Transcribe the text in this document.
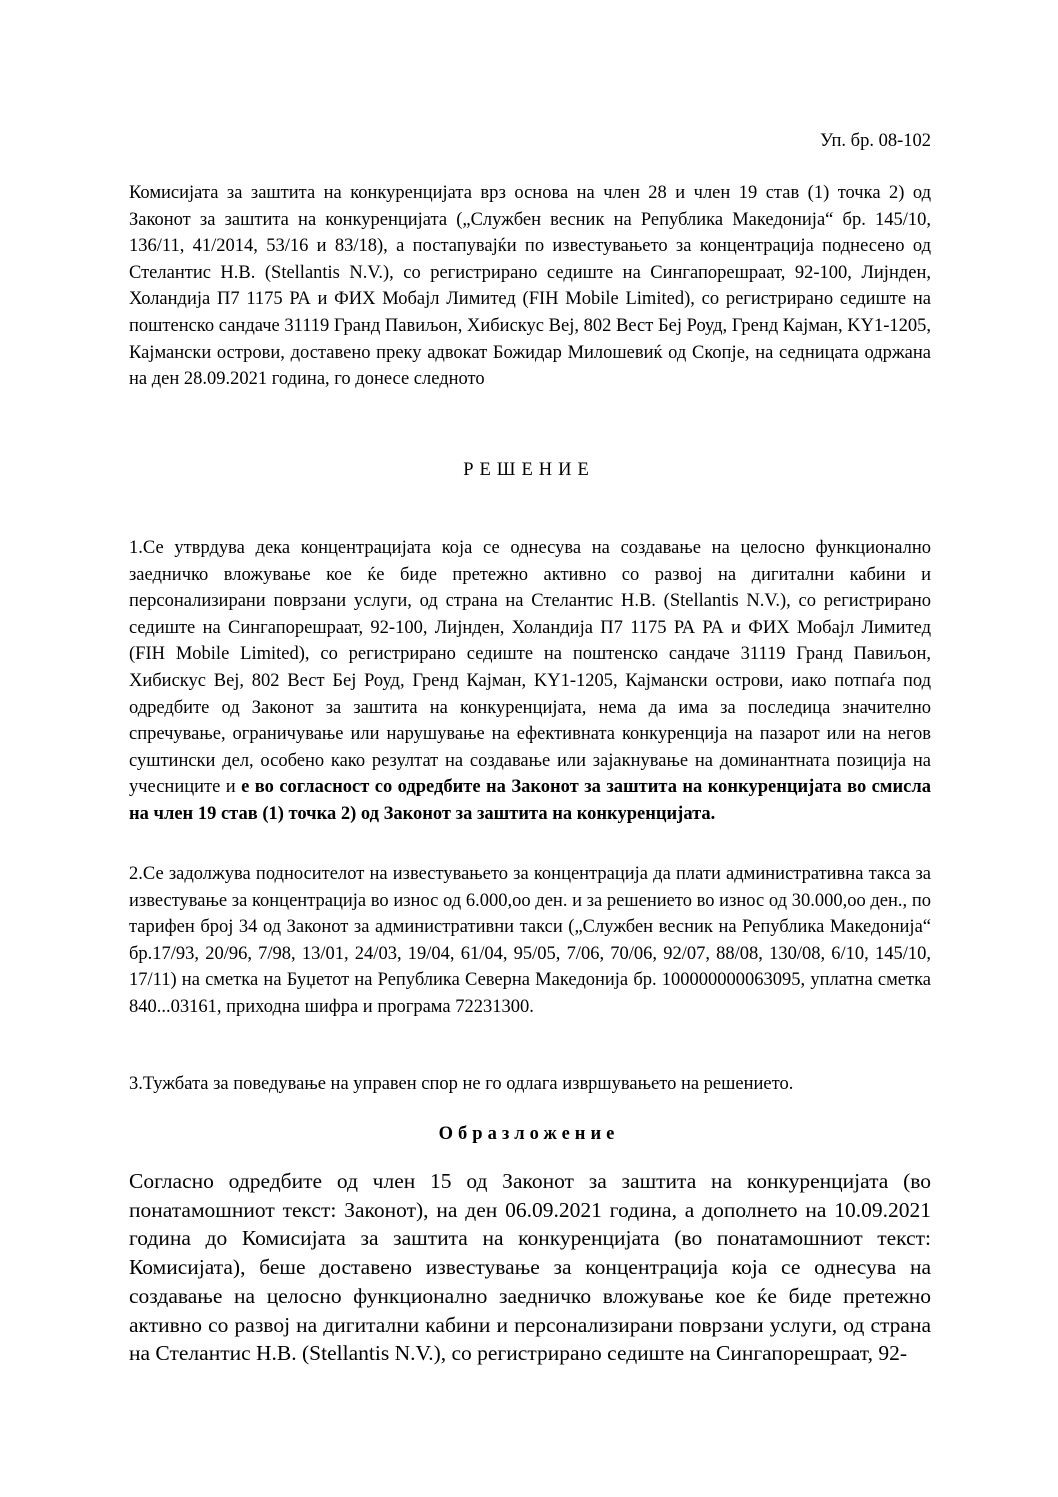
Уп. бр. 08-102

Комисијата за заштита на конкуренцијата врз основа на член 28 и член 19 став (1) точка 2) од Законот за заштита на конкуренцијата („Службен весник на Република Македонија“ бр. 145/10, 136/11, 41/2014, 53/16 и 83/18), а постапувајќи по известувањето за концентрација поднесено од Стелантис Н.В. (Stellantis N.V.), со регистрирано седиште на Сингапорешраат, 92-100, Лијнден, Холандија П7 1175 РА и ФИХ Мобајл Лимитед (FIH Mobile Limited), со регистрирано седиште на поштенско сандаче 31119 Гранд Павиљон, Хибискус Веј, 802 Вест Беј Роуд, Гренд Кајман, KY1-1205, Кајмански острови, доставено преку адвокат Божидар Милошевиќ од Скопје, на седницата одржана на ден 28.09.2021 година, го донесе следното

РЕШЕНИЕ

1.Се утврдува дека концентрацијата која се однесува на создавање на целосно функционално заедничко вложување кое ќе биде претежно активно со развој на дигитални кабини и персонализирани поврзани услуги, од страна на Стелантис Н.В. (Stellantis N.V.), со регистрирано седиште на Сингапорешраат, 92-100, Лијнден, Холандија П7 1175 РА РА и ФИХ Мобајл Лимитед (FIH Mobile Limited), со регистрирано седиште на поштенско сандаче 31119 Гранд Павиљон, Хибискус Веј, 802 Вест Беј Роуд, Гренд Кајман, KY1-1205, Кајмански острови, иако потпаѓа под одредбите од Законот за заштита на конкуренцијата, нема да има за последица значително спречување, ограничување или нарушување на ефективната конкуренција на пазарот или на негов суштински дел, особено како резултат на создавање или зајакнување на доминантната позиција на учесниците и е во согласност со одредбите на Законот за заштита на конкуренцијата во смисла на член 19 став (1) точка 2) од Законот за заштита на конкуренцијата.

2.Се задолжува подносителот на известувањето за концентрација да плати административна такса за известување за концентрација во износ од 6.000,оо ден. и за решението во износ од 30.000,оо ден., по тарифен број 34 од Законот за административни такси („Службен весник на Република Македонија“ бр.17/93, 20/96, 7/98, 13/01, 24/03, 19/04, 61/04, 95/05, 7/06, 70/06, 92/07, 88/08, 130/08, 6/10, 145/10, 17/11) на сметка на Буџетот на Република Северна Македонија бр. 100000000063095, уплатна сметка 840...03161, приходна шифра и програма 72231300.

3.Тужбата за поведување на управен спор не го одлага извршувањето на решението.

Образложение

Согласно одредбите од член 15 од Законот за заштита на конкуренцијата (во понатамошниот текст: Законот), на ден 06.09.2021 година, а дополнето на 10.09.2021 година до Комисијата за заштита на конкуренцијата (во понатамошниот текст: Комисијата), беше доставено известување за концентрација која се однесува на создавање на целосно функционално заедничко вложување кое ќе биде претежно активно со развој на дигитални кабини и персонализирани поврзани услуги, од страна на Стелантис Н.В. (Stellantis N.V.), со регистрирано седиште на Сингапорешраат, 92-
